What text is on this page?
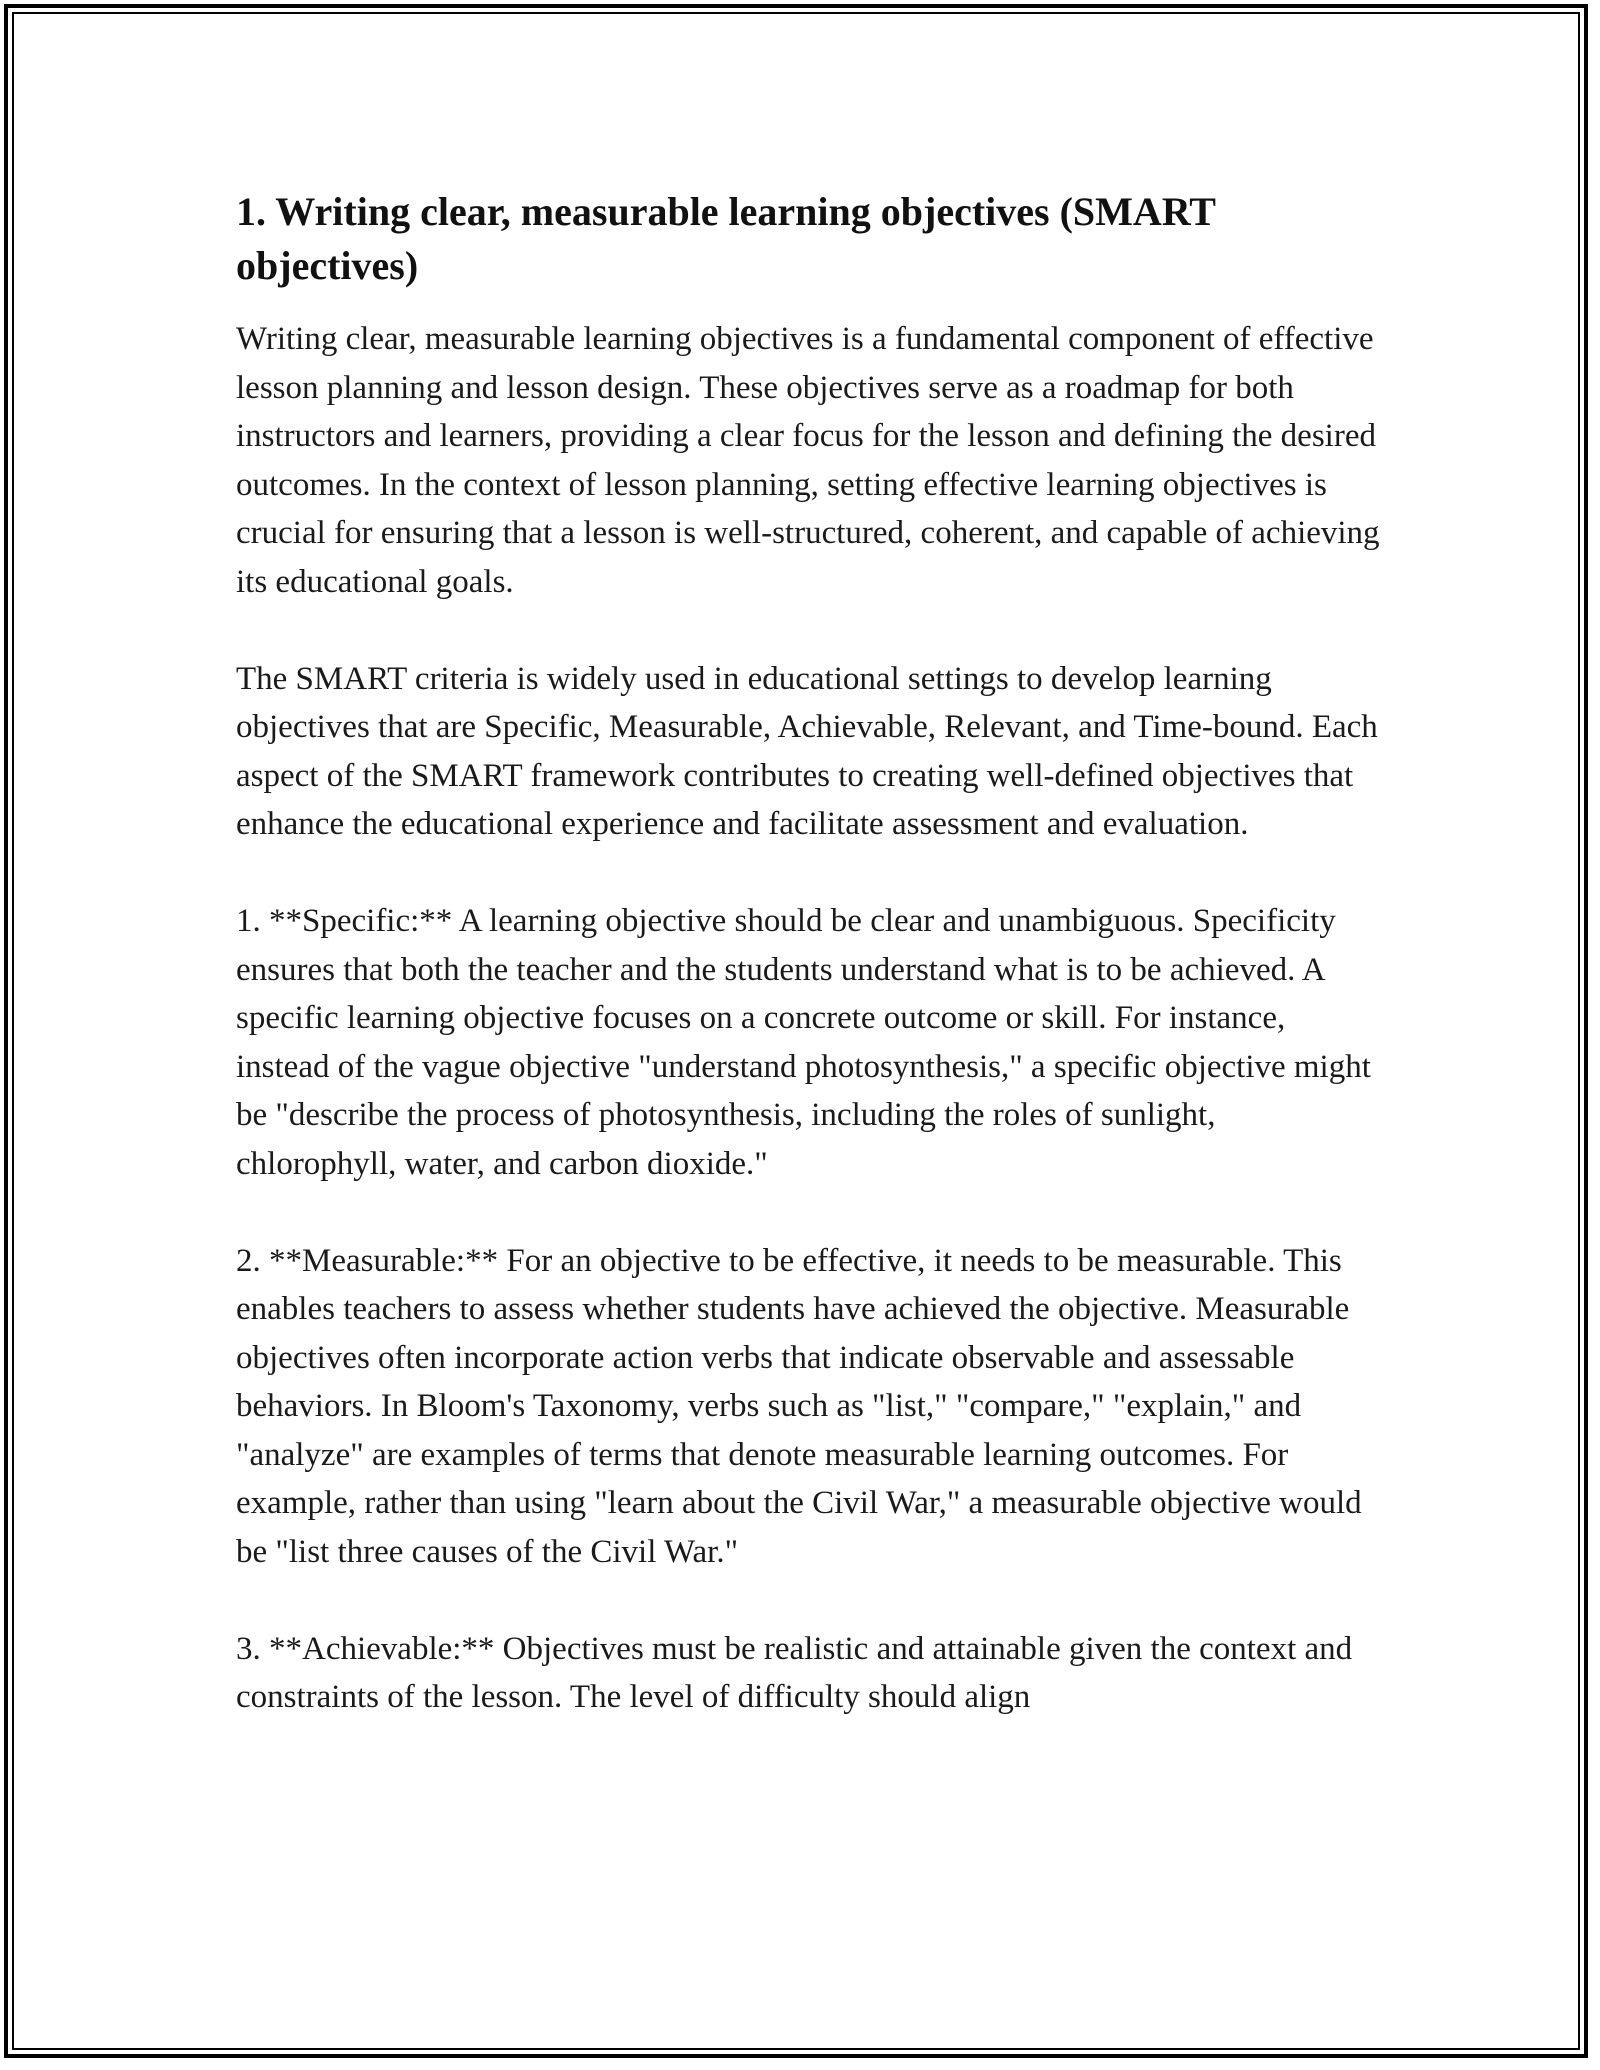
1. Writing clear, measurable learning objectives (SMART objectives)

Writing clear, measurable learning objectives is a fundamental component of effective lesson planning and lesson design. These objectives serve as a roadmap for both instructors and learners, providing a clear focus for the lesson and defining the desired outcomes. In the context of lesson planning, setting effective learning objectives is crucial for ensuring that a lesson is well-structured, coherent, and capable of achieving its educational goals.

The SMART criteria is widely used in educational settings to develop learning objectives that are Specific, Measurable, Achievable, Relevant, and Time-bound. Each aspect of the SMART framework contributes to creating well-defined objectives that enhance the educational experience and facilitate assessment and evaluation.

1. **Specific:** A learning objective should be clear and unambiguous. Specificity ensures that both the teacher and the students understand what is to be achieved. A specific learning objective focuses on a concrete outcome or skill. For instance, instead of the vague objective "understand photosynthesis," a specific objective might be "describe the process of photosynthesis, including the roles of sunlight, chlorophyll, water, and carbon dioxide."

2. **Measurable:** For an objective to be effective, it needs to be measurable. This enables teachers to assess whether students have achieved the objective. Measurable objectives often incorporate action verbs that indicate observable and assessable behaviors. In Bloom's Taxonomy, verbs such as "list," "compare," "explain," and "analyze" are examples of terms that denote measurable learning outcomes. For example, rather than using "learn about the Civil War," a measurable objective would be "list three causes of the Civil War."

3. **Achievable:** Objectives must be realistic and attainable given the context and constraints of the lesson. The level of difficulty should align
